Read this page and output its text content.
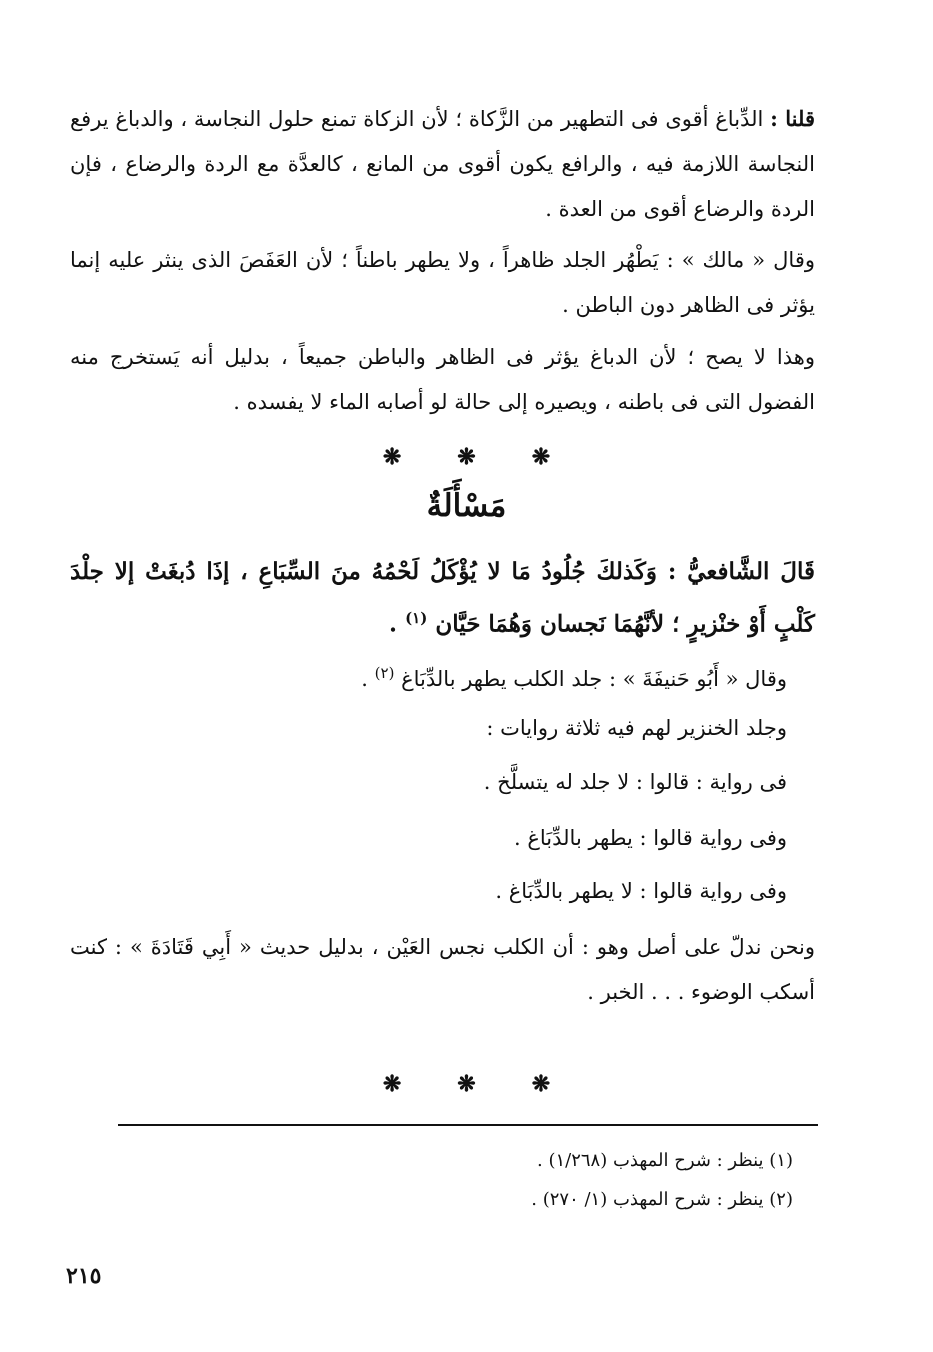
قلنا : الدِّباغ أقوى فى التطهير من الزَّكاة ؛ لأن الزكاة تمنع حلول النجاسة ، والدباغ يرفع النجاسة اللازمة فيه ، والرافع يكون أقوى من المانع ، كالعدَّة مع الردة والرضاع ، فإن الردة والرضاع أقوى من العدة .

وقال « مالك » : يَطْهُر الجلد ظاهراً ، ولا يطهر باطناً ؛ لأن العَفَصَ الذى ينثر عليه إنما يؤثر فى الظاهر دون الباطن .

وهذا لا يصح ؛ لأن الدباغ يؤثر فى الظاهر والباطن جميعاً ، بدليل أنه يَستخرج منه الفضول التى فى باطنه ، ويصيره إلى حالة لو أصابه الماء لا يفسده .

❋	❋	❋
مَسْأَلَةٌ

قَالَ الشَّافعيُّ : وَكَذلكَ جُلُودُ مَا لا يُؤْكَلُ لَحْمُهُ منَ السِّبَاعِ ، إذَا دُبغَتْ إلا جلْدَ كَلْبٍ أَوْ خنْزيرٍ ؛ لأنَّهُمَا نَجسان وَهُمَا حَيَّان $^{(١)}$ .

وقال « أَبُو حَنيفَةَ » : جلد الكلب يطهر بالدِّبَاغ $^{(٢)}$ .
وجلد الخنزير لهم فيه ثلاثة روايات :
فى رواية : قالوا : لا جلد له يتسلَّخ .
وفى رواية قالوا : يطهر بالدِّبَاغ .
وفى رواية قالوا : لا يطهر بالدِّبَاغ .

ونحن ندلّ على أصل وهو : أن الكلب نجس العَيْن ، بدليل حديث « أَبِي قَتَادَةَ » : كنت أسكب الوضوء . . . الخبر .

❋	❋	❋
(١) ينظر : شرح المهذب (١/٢٦٨) .
(٢) ينظر : شرح المهذب (١/ ٢٧٠) .
٢١٥
